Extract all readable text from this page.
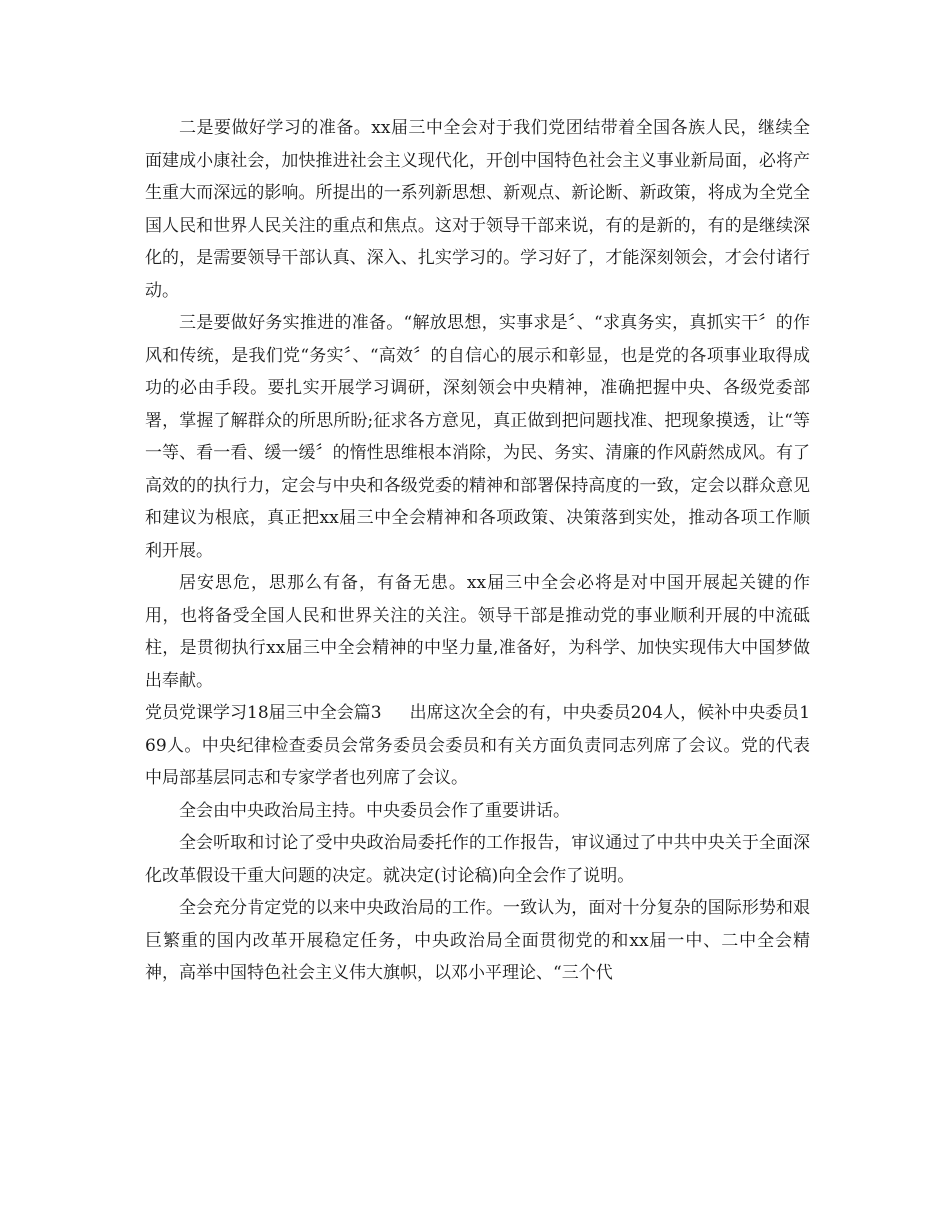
二是要做好学习的准备。xx届三中全会对于我们党团结带着全国各族人民，继续全面建成小康社会，加快推进社会主义现代化，开创中国特色社会主义事业新局面，必将产生重大而深远的影响。所提出的一系列新思想、新观点、新论断、新政策，将成为全党全国人民和世界人民关注的重点和焦点。这对于领导干部来说，有的是新的，有的是继续深化的，是需要领导干部认真、深入、扎实学习的。学习好了，才能深刻领会，才会付诸行动。

三是要做好务实推进的准备。“解放思想，实事求是〞、“求真务实，真抓实干〞的作风和传统，是我们党“务实〞、“高效〞的自信心的展示和彰显，也是党的各项事业取得成功的必由手段。要扎实开展学习调研，深刻领会中央精神，准确把握中央、各级党委部署，掌握了解群众的所思所盼;征求各方意见，真正做到把问题找准、把现象摸透，让“等一等、看一看、缓一缓〞的惰性思维根本消除，为民、务实、清廉的作风蔚然成风。有了高效的的执行力，定会与中央和各级党委的精神和部署保持高度的一致，定会以群众意见和建议为根底，真正把xx届三中全会精神和各项政策、决策落到实处，推动各项工作顺利开展。

居安思危，思那么有备，有备无患。xx届三中全会必将是对中国开展起关键的作用，也将备受全国人民和世界关注的关注。领导干部是推动党的事业顺利开展的中流砥柱，是贯彻执行xx届三中全会精神的中坚力量,准备好，为科学、加快实现伟大中国梦做出奉献。

党员党课学习18届三中全会篇3 出席这次全会的有，中央委员204人，候补中央委员169人。中央纪律检查委员会常务委员会委员和有关方面负责同志列席了会议。党的代表中局部基层同志和专家学者也列席了会议。

全会由中央政治局主持。中央委员会作了重要讲话。

全会听取和讨论了受中央政治局委托作的工作报告，审议通过了中共中央关于全面深化改革假设干重大问题的决定。就决定(讨论稿)向全会作了说明。

全会充分肯定党的以来中央政治局的工作。一致认为，面对十分复杂的国际形势和艰巨繁重的国内改革开展稳定任务，中央政治局全面贯彻党的和xx届一中、二中全会精神，高举中国特色社会主义伟大旗帜，以邓小平理论、“三个代
